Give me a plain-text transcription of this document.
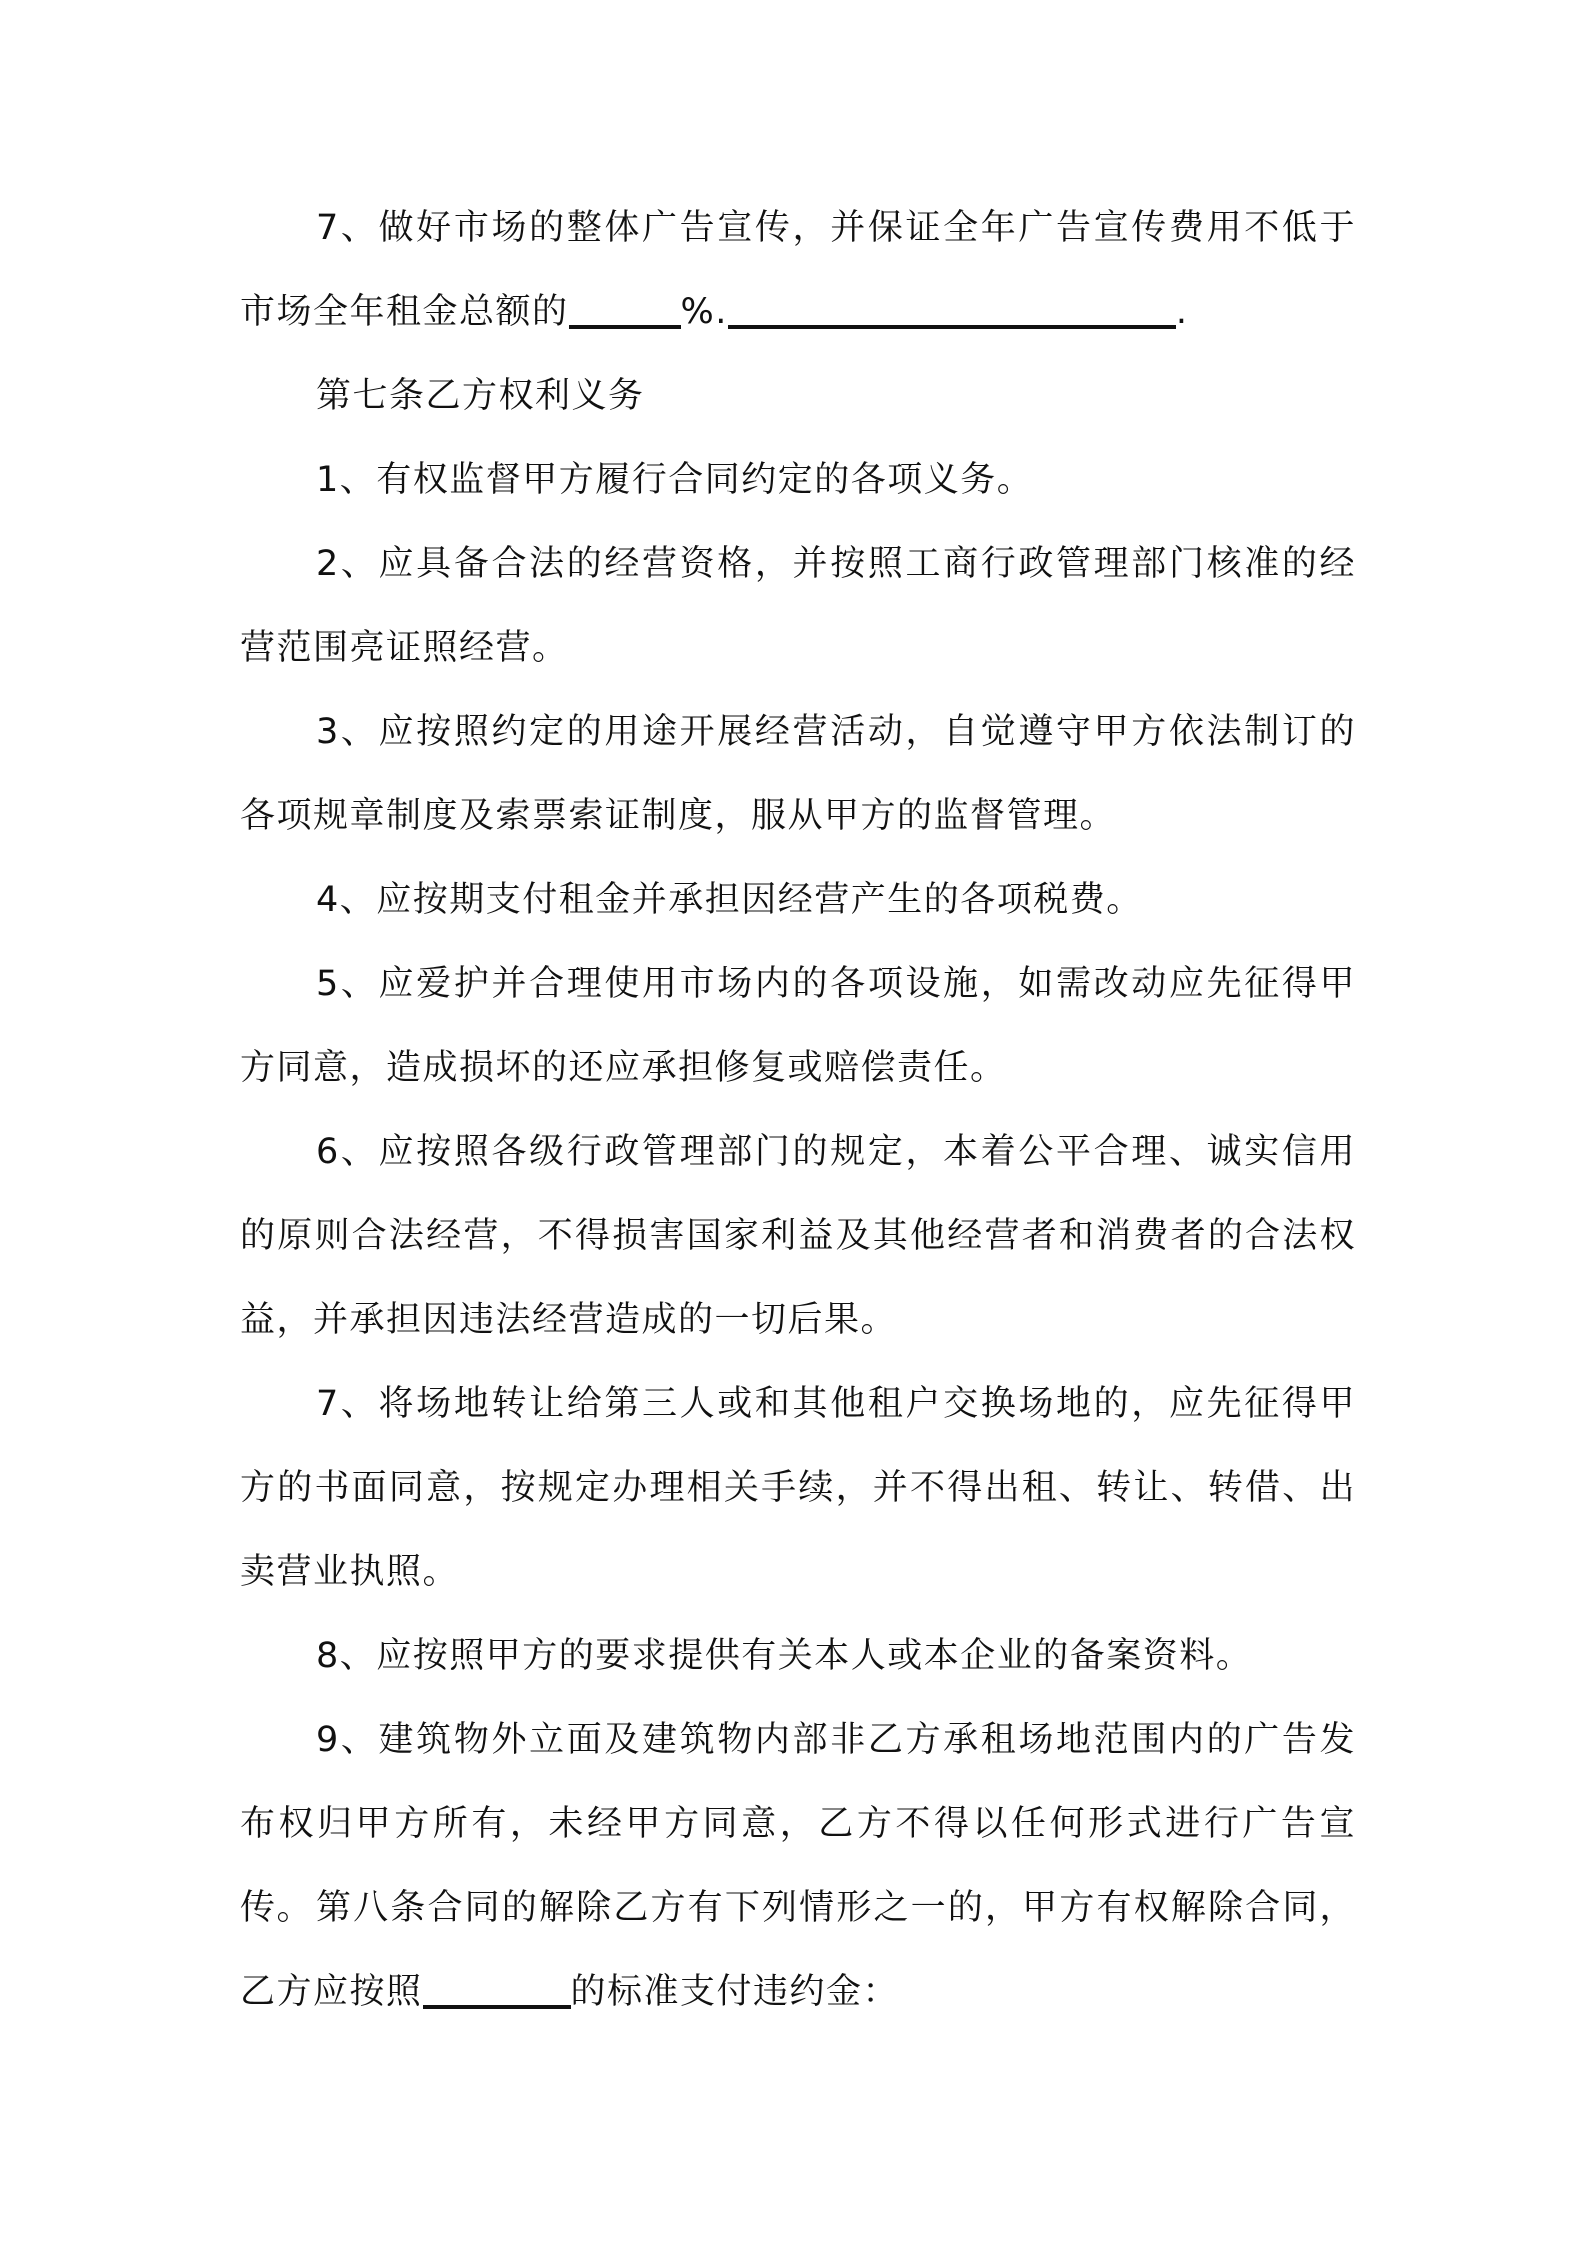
7、做好市场的整体广告宣传，并保证全年广告宣传费用不低于市场全年租金总额的	%.	.

第七条乙方权利义务

1、有权监督甲方履行合同约定的各项义务。

2、应具备合法的经营资格，并按照工商行政管理部门核准的经营范围亮证照经营。

3、应按照约定的用途开展经营活动，自觉遵守甲方依法制订的各项规章制度及索票索证制度，服从甲方的监督管理。

4、应按期支付租金并承担因经营产生的各项税费。

5、应爱护并合理使用市场内的各项设施，如需改动应先征得甲方同意，造成损坏的还应承担修复或赔偿责任。

6、应按照各级行政管理部门的规定，本着公平合理、诚实信用的原则合法经营，不得损害国家利益及其他经营者和消费者的合法权益，并承担因违法经营造成的一切后果。

7、将场地转让给第三人或和其他租户交换场地的，应先征得甲方的书面同意，按规定办理相关手续，并不得出租、转让、转借、出卖营业执照。

8、应按照甲方的要求提供有关本人或本企业的备案资料。

9、建筑物外立面及建筑物内部非乙方承租场地范围内的广告发布权归甲方所有，未经甲方同意，乙方不得以任何形式进行广告宣传。 第八条合同的解除乙方有下列情形之一的，甲方有权解除合同，乙方应按照	的标准支付违约金：
